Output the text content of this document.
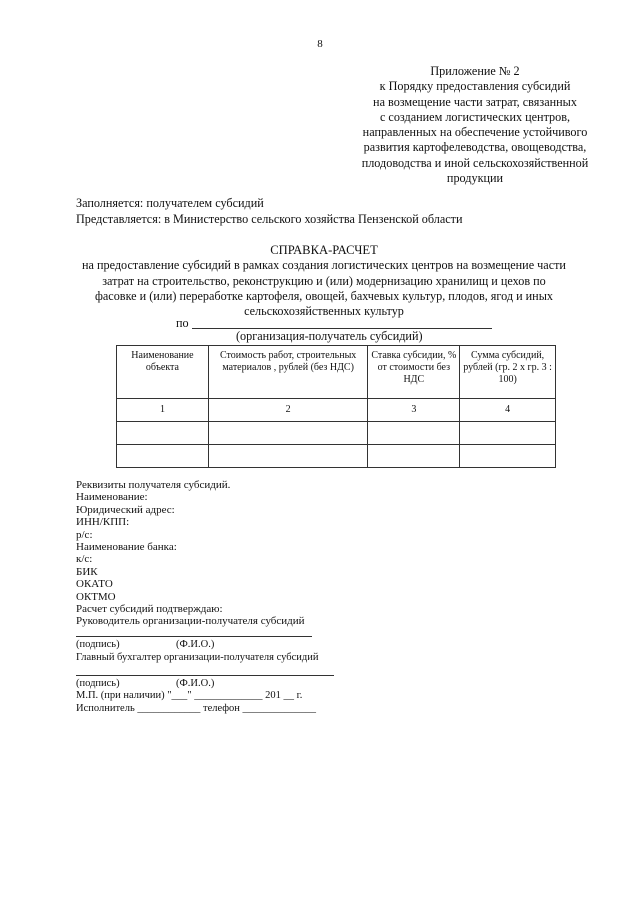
8
Приложение № 2
к Порядку предоставления субсидий
на возмещение части затрат, связанных
с созданием логистических центров,
направленных на обеспечение устойчивого
развития картофелеводства, овощеводства,
плодоводства и иной сельскохозяйственной
продукции
Заполняется: получателем субсидий
Представляется: в Министерство сельского хозяйства Пензенской области
СПРАВКА-РАСЧЕТ
на предоставление субсидий в рамках создания логистических центров на возмещение части
затрат на строительство, реконструкцию и (или) модернизацию хранилищ и цехов по
фасовке и (или) переработке картофеля, овощей, бахчевых культур, плодов, ягод и иных
сельскохозяйственных культур
по
(организация-получатель субсидий)
Наименование объекта	Стоимость работ, строительных материалов , рублей (без НДС)	Ставка субсидии, % от стоимости без НДС	Сумма субсидий, рублей (гр. 2 х гр. 3 : 100)
1	2	3	4

Реквизиты получателя субсидий.
Наименование:
Юридический адрес:
ИНН/КПП:
р/с:
Наименование банка:
к/с:
БИК
ОКАТО
ОКТМО
Расчет субсидий подтверждаю:
Руководитель организации-получателя субсидий
(подпись)	(Ф.И.О.)
Главный бухгалтер организации-получателя субсидий
(подпись)	(Ф.И.О.)
М.П. (при наличии) "___" _____________ 201 __ г.
Исполнитель ____________ телефон ______________
